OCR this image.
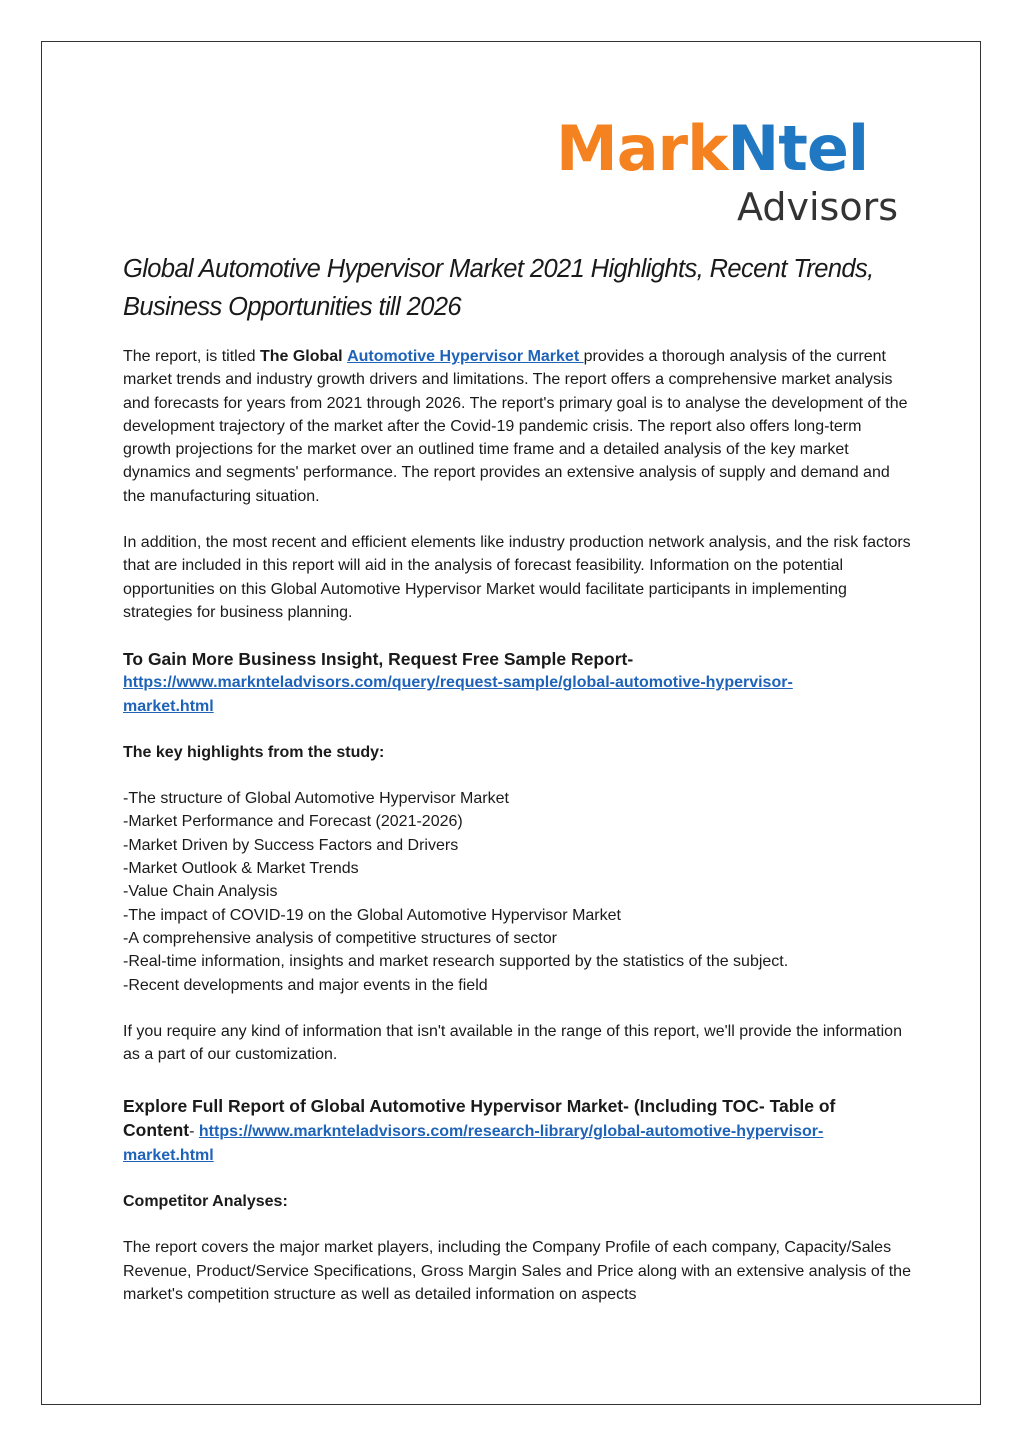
MarkNtel
Advisors
Global Automotive Hypervisor Market 2021 Highlights, Recent Trends,
Business Opportunities till 2026

The report, is titled The Global Automotive Hypervisor Market provides a thorough analysis of the current market trends and industry growth drivers and limitations. The report offers a comprehensive market analysis and forecasts for years from 2021 through 2026. The report's primary goal is to analyse the development of the development trajectory of the market after the Covid-19 pandemic crisis. The report also offers long-term growth projections for the market over an outlined time frame and a detailed analysis of the key market dynamics and segments' performance. The report provides an extensive analysis of supply and demand and the manufacturing situation.

In addition, the most recent and efficient elements like industry production network analysis, and the risk factors that are included in this report will aid in the analysis of forecast feasibility. Information on the potential opportunities on this Global Automotive Hypervisor Market would facilitate participants in implementing strategies for business planning.

To Gain More Business Insight, Request Free Sample Report-
https://www.marknteladvisors.com/query/request-sample/global-automotive-hypervisor-
market.html

The key highlights from the study:

-The structure of Global Automotive Hypervisor Market
-Market Performance and Forecast (2021-2026)
-Market Driven by Success Factors and Drivers
-Market Outlook & Market Trends
-Value Chain Analysis
-The impact of COVID-19 on the Global Automotive Hypervisor Market
-A comprehensive analysis of competitive structures of sector
-Real-time information, insights and market research supported by the statistics of the subject.
-Recent developments and major events in the field

If you require any kind of information that isn't available in the range of this report, we'll provide the information as a part of our customization.

Explore Full Report of Global Automotive Hypervisor Market- (Including TOC- Table of
Content- https://www.marknteladvisors.com/research-library/global-automotive-hypervisor-
market.html

Competitor Analyses:

The report covers the major market players, including the Company Profile of each company, Capacity/Sales Revenue, Product/Service Specifications, Gross Margin Sales and Price along with an extensive analysis of the market's competition structure as well as detailed information on aspects
